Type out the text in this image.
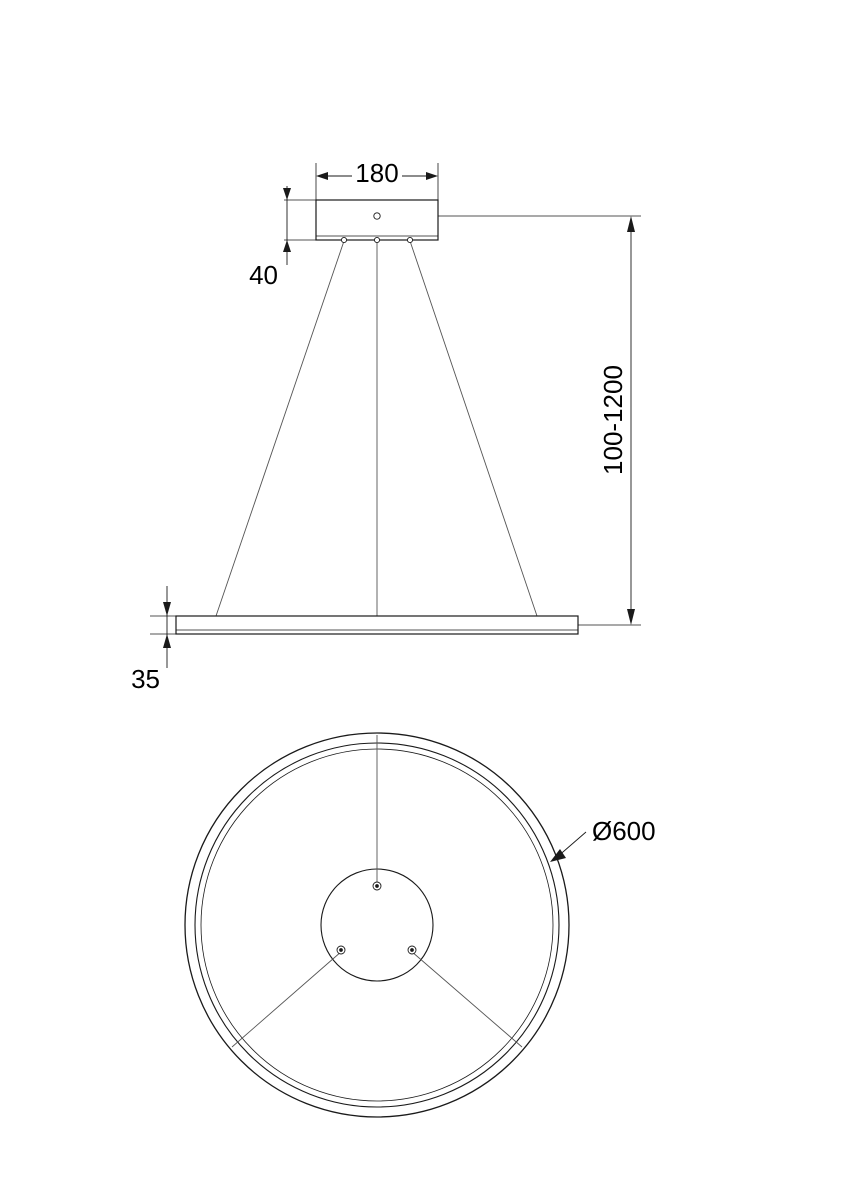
180
40
100-1200
35
Ø600
